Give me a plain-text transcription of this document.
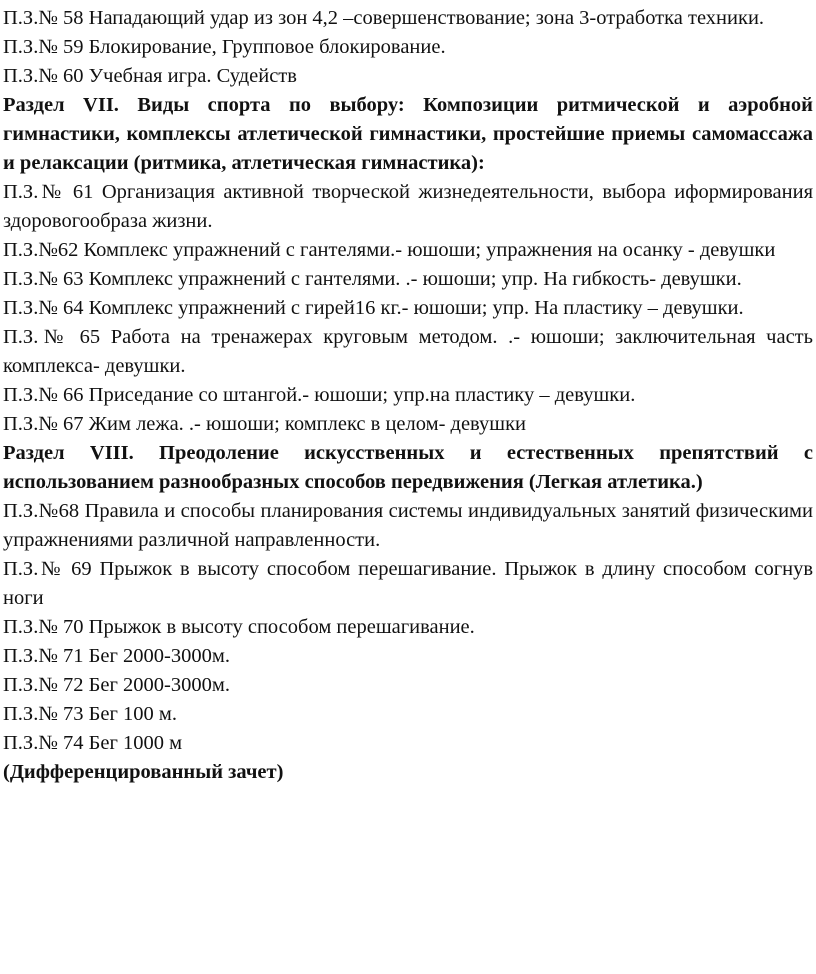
П.З.№ 58 Нападающий удар из зон 4,2 –совершенствование; зона 3-отработка техники.

П.З.№ 59 Блокирование, Групповое блокирование.

П.З.№ 60 Учебная игра. Судейств

Раздел VII. Виды спорта по выбору: Композиции ритмической и аэробной гимнастики, комплексы атлетической гимнастики, простейшие приемы самомассажа и релаксации (ритмика, атлетическая гимнастика):

П.З.№ 61 Организация активной творческой жизнедеятельности, выбора иформирования здоровогообраза жизни.

П.З.№62 Комплекс упражнений с гантелями.- юшоши; упражнения на осанку - девушки

П.З.№ 63 Комплекс упражнений с гантелями. .- юшоши; упр. На гибкость- девушки.

П.З.№ 64 Комплекс упражнений с гирей16 кг.- юшоши; упр. На пластику – девушки.

П.З.№ 65 Работа на тренажерах круговым методом. .- юшоши; заключительная часть комплекса- девушки.

П.З.№ 66 Приседание со штангой.- юшоши; упр.на пластику – девушки.

П.З.№ 67 Жим лежа. .- юшоши; комплекс в целом- девушки

Раздел VIII. Преодоление искусственных и естественных препятствий с использованием разнообразных способов передвижения (Легкая атлетика.)

П.З.№68 Правила и способы планирования системы индивидуальных занятий физическими упражнениями различной направленности.

П.З.№ 69 Прыжок в высоту способом перешагивание. Прыжок в длину способом согнув ноги

П.З.№ 70 Прыжок в высоту способом перешагивание.

П.З.№ 71 Бег 2000-3000м.

П.З.№ 72 Бег 2000-3000м.

П.З.№ 73 Бег 100 м.

П.З.№ 74 Бег 1000 м

(Дифференцированный зачет)
